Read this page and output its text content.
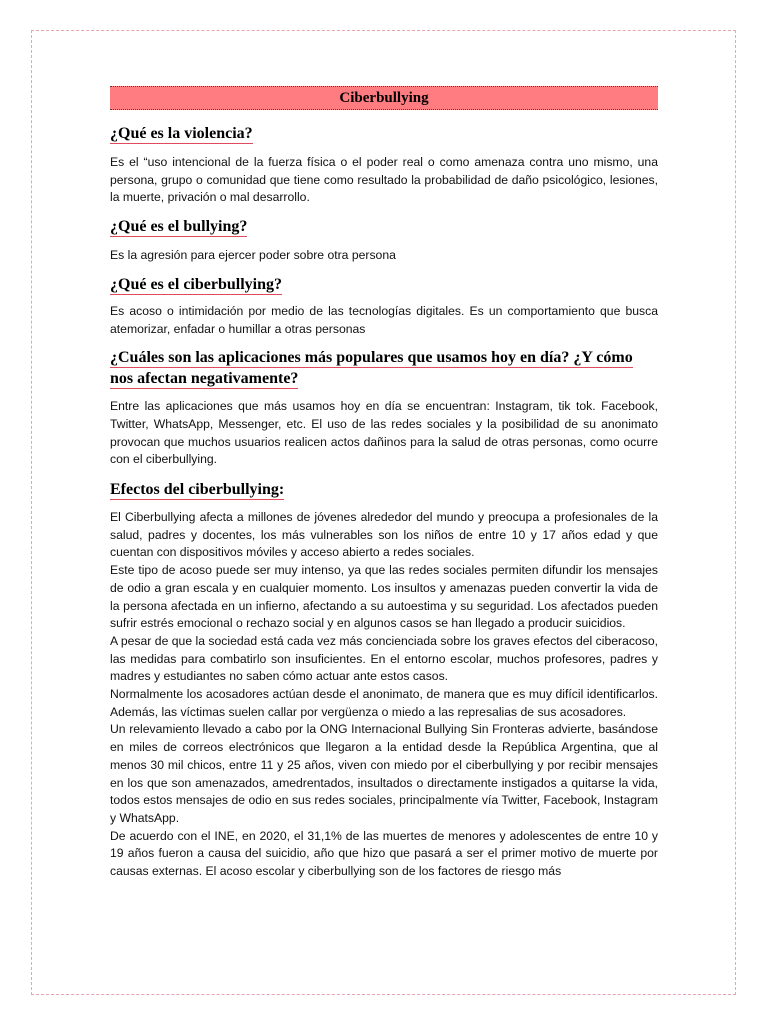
Ciberbullying
¿Qué es la violencia?

Es el “uso intencional de la fuerza física o el poder real o como amenaza contra uno mismo, una persona, grupo o comunidad que tiene como resultado la probabilidad de daño psicológico, lesiones, la muerte, privación o mal desarrollo.

¿Qué es el bullying?

Es la agresión para ejercer poder sobre otra persona

¿Qué es el ciberbullying?

Es acoso o intimidación por medio de las tecnologías digitales. Es un comportamiento que busca atemorizar, enfadar o humillar a otras personas

¿Cuáles son las aplicaciones más populares que usamos hoy en día? ¿Y cómo nos afectan negativamente?

Entre las aplicaciones que más usamos hoy en día se encuentran: Instagram, tik tok. Facebook, Twitter, WhatsApp, Messenger, etc. El uso de las redes sociales y la posibilidad de su anonimato provocan que muchos usuarios realicen actos dañinos para la salud de otras personas, como ocurre con el ciberbullying.

Efectos del ciberbullying:

El Ciberbullying afecta a millones de jóvenes alrededor del mundo y preocupa a profesionales de la salud, padres y docentes, los más vulnerables son los niños de entre 10 y 17 años edad y que cuentan con dispositivos móviles y acceso abierto a redes sociales.

Este tipo de acoso puede ser muy intenso, ya que las redes sociales permiten difundir los mensajes de odio a gran escala y en cualquier momento. Los insultos y amenazas pueden convertir la vida de la persona afectada en un infierno, afectando a su autoestima y su seguridad. Los afectados pueden sufrir estrés emocional o rechazo social y en algunos casos se han llegado a producir suicidios.

A pesar de que la sociedad está cada vez más concienciada sobre los graves efectos del ciberacoso, las medidas para combatirlo son insuficientes. En el entorno escolar, muchos profesores, padres y madres y estudiantes no saben cómo actuar ante estos casos.

Normalmente los acosadores actúan desde el anonimato, de manera que es muy difícil identificarlos. Además, las víctimas suelen callar por vergüenza o miedo a las represalias de sus acosadores.

Un relevamiento llevado a cabo por la ONG Internacional Bullying Sin Fronteras advierte, basándose en miles de correos electrónicos que llegaron a la entidad desde la República Argentina, que al menos 30 mil chicos, entre 11 y 25 años, viven con miedo por el ciberbullying y por recibir mensajes en los que son amenazados, amedrentados, insultados o directamente instigados a quitarse la vida, todos estos mensajes de odio en sus redes sociales, principalmente vía Twitter, Facebook, Instagram y WhatsApp.

De acuerdo con el INE, en 2020, el 31,1% de las muertes de menores y adolescentes de entre 10 y 19 años fueron a causa del suicidio, año que hizo que pasará a ser el primer motivo de muerte por causas externas. El acoso escolar y ciberbullying son de los factores de riesgo más
